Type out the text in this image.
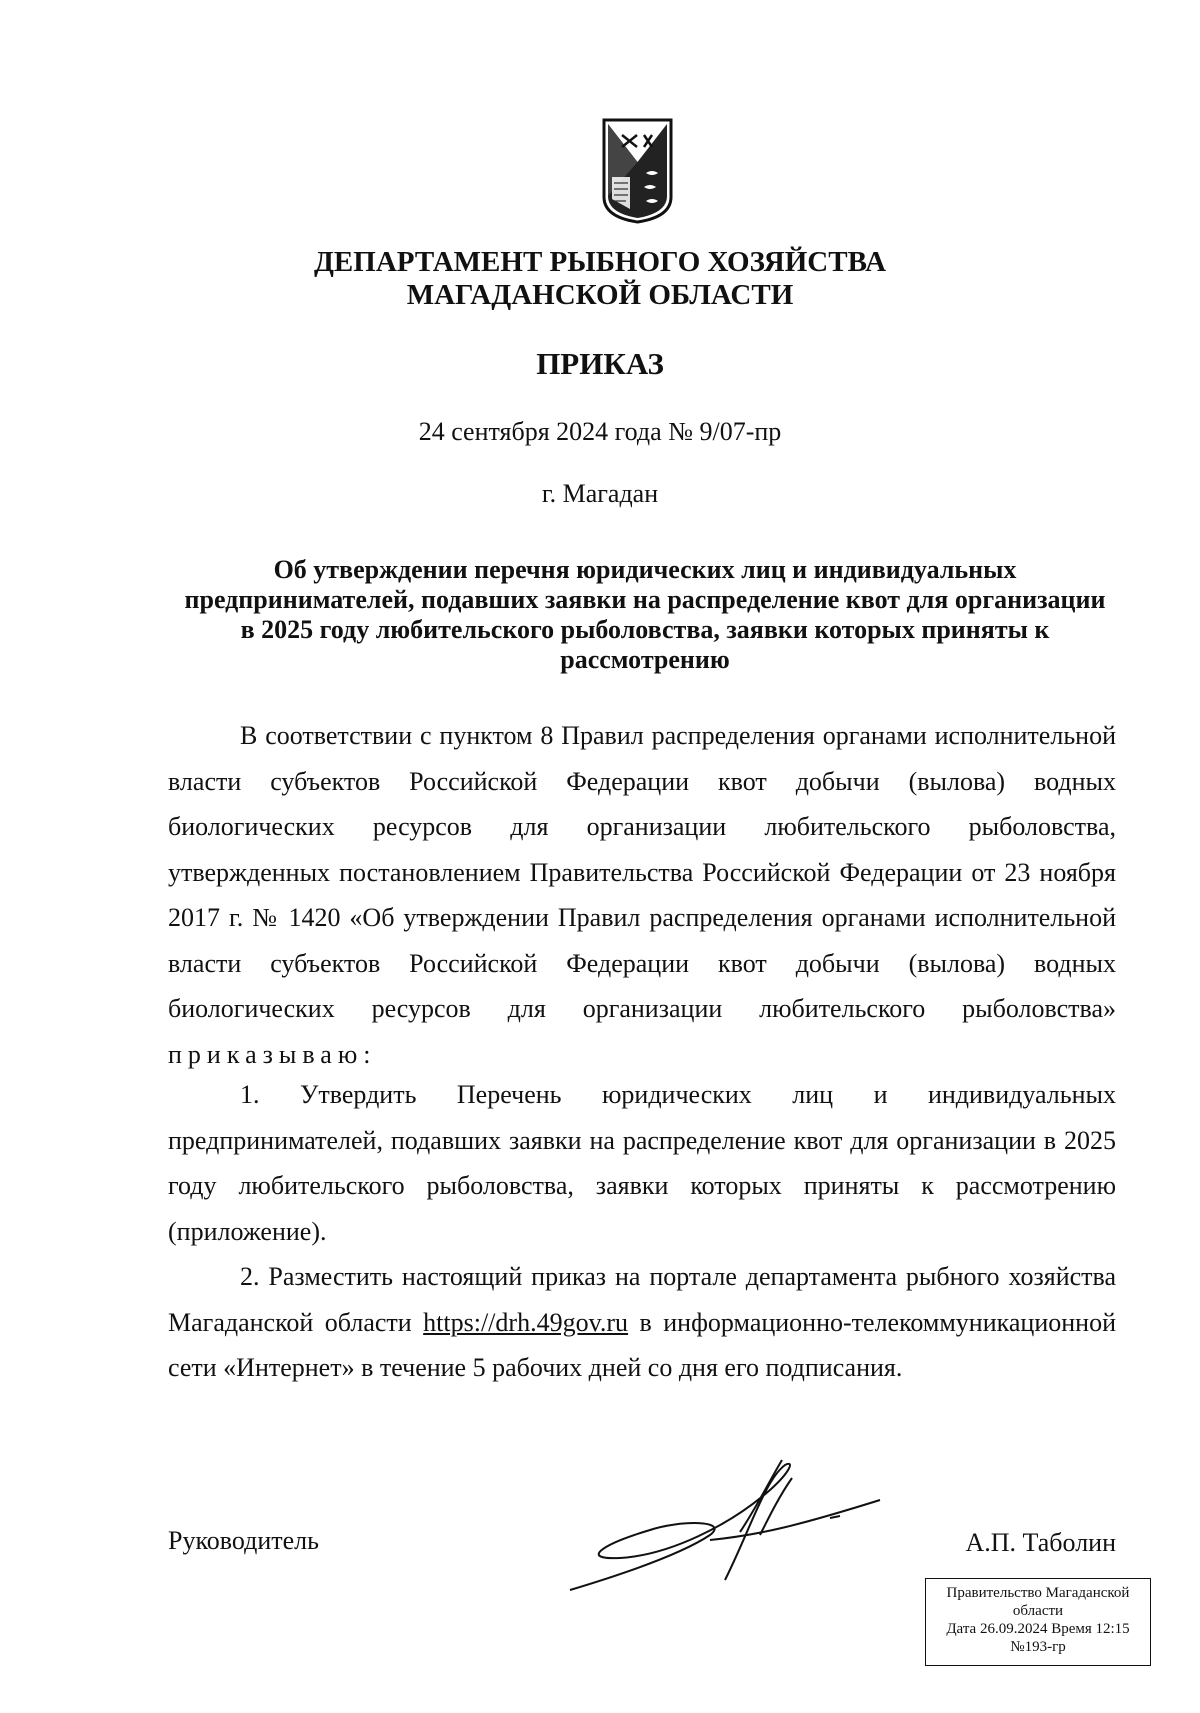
ДЕПАРТАМЕНТ РЫБНОГО ХОЗЯЙСТВА
МАГАДАНСКОЙ ОБЛАСТИ
ПРИКАЗ
24 сентября 2024 года № 9/07-пр
г. Магадан
Об утверждении перечня юридических лиц и индивидуальных предпринимателей, подавших заявки на распределение квот для организации в 2025 году любительского рыболовства, заявки которых приняты к рассмотрению
В соответствии с пунктом 8 Правил распределения органами исполнительной власти субъектов Российской Федерации квот добычи (вылова) водных биологических ресурсов для организации любительского рыболовства, утвержденных постановлением Правительства Российской Федерации от 23 ноября 2017 г. № 1420 «Об утверждении Правил распределения органами исполнительной власти субъектов Российской Федерации квот добычи (вылова) водных биологических ресурсов для организации любительского рыболовства» приказываю:
1. Утвердить Перечень юридических лиц и индивидуальных предпринимателей, подавших заявки на распределение квот для организации в 2025 году любительского рыболовства, заявки которых приняты к рассмотрению (приложение).
2. Разместить настоящий приказ на портале департамента рыбного хозяйства Магаданской области https://drh.49gov.ru в информационно-телекоммуникационной сети «Интернет» в течение 5 рабочих дней со дня его подписания.
Руководитель	А.П. Таболин
Правительство Магаданской
области
Дата 26.09.2024 Время 12:15
№193-гр
